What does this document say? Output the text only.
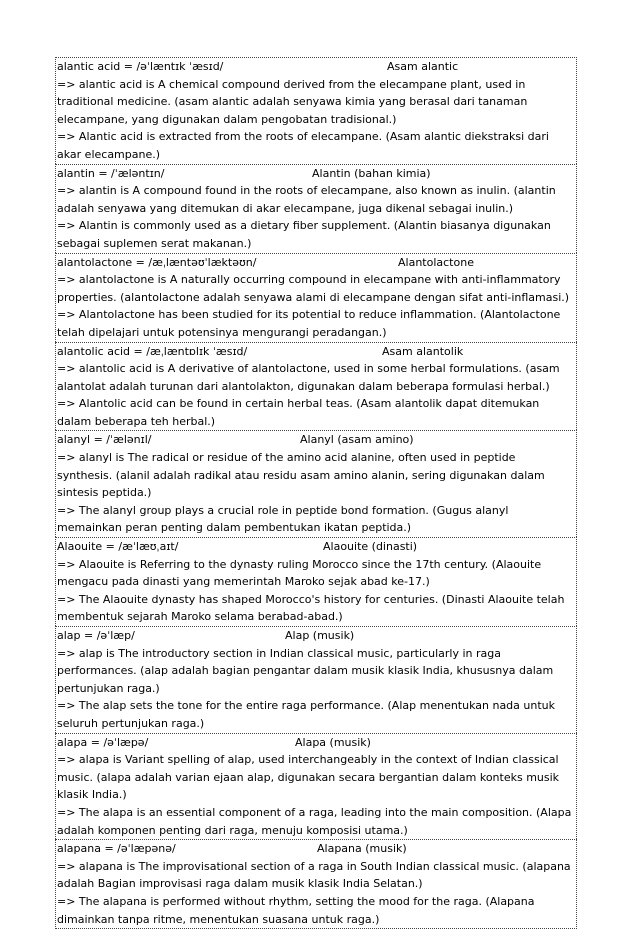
alantic acid = /əˈlæntɪk ˈæsɪd/	Asam alantic

=> alantic acid is A chemical compound derived from the elecampane plant, used in traditional medicine. (asam alantic adalah senyawa kimia yang berasal dari tanaman elecampane, yang digunakan dalam pengobatan tradisional.)

=> Alantic acid is extracted from the roots of elecampane. (Asam alantic diekstraksi dari akar elecampane.)

alantin = /ˈæləntɪn/	Alantin (bahan kimia)

=> alantin is A compound found in the roots of elecampane, also known as inulin. (alantin adalah senyawa yang ditemukan di akar elecampane, juga dikenal sebagai inulin.)

=> Alantin is commonly used as a dietary fiber supplement. (Alantin biasanya digunakan sebagai suplemen serat makanan.)

alantolactone = /æˌlæntəʊˈlæktəʊn/	Alantolactone

=> alantolactone is A naturally occurring compound in elecampane with anti-inflammatory properties. (alantolactone adalah senyawa alami di elecampane dengan sifat anti-inflamasi.)

=> Alantolactone has been studied for its potential to reduce inflammation. (Alantolactone telah dipelajari untuk potensinya mengurangi peradangan.)

alantolic acid = /æˌlæntɒlɪk ˈæsɪd/	Asam alantolik

=> alantolic acid is A derivative of alantolactone, used in some herbal formulations. (asam alantolat adalah turunan dari alantolakton, digunakan dalam beberapa formulasi herbal.)

=> Alantolic acid can be found in certain herbal teas. (Asam alantolik dapat ditemukan dalam beberapa teh herbal.)

alanyl = /ˈælənɪl/	Alanyl (asam amino)

=> alanyl is The radical or residue of the amino acid alanine, often used in peptide synthesis. (alanil adalah radikal atau residu asam amino alanin, sering digunakan dalam sintesis peptida.)

=> The alanyl group plays a crucial role in peptide bond formation. (Gugus alanyl memainkan peran penting dalam pembentukan ikatan peptida.)

Alaouite = /æˈlæʊˌaɪt/	Alaouite (dinasti)

=> Alaouite is Referring to the dynasty ruling Morocco since the 17th century. (Alaouite mengacu pada dinasti yang memerintah Maroko sejak abad ke-17.)

=> The Alaouite dynasty has shaped Morocco's history for centuries. (Dinasti Alaouite telah membentuk sejarah Maroko selama berabad-abad.)

alap = /əˈlæp/	Alap (musik)

=> alap is The introductory section in Indian classical music, particularly in raga performances. (alap adalah bagian pengantar dalam musik klasik India, khususnya dalam pertunjukan raga.)

=> The alap sets the tone for the entire raga performance. (Alap menentukan nada untuk seluruh pertunjukan raga.)

alapa = /əˈlæpə/	Alapa (musik)

=> alapa is Variant spelling of alap, used interchangeably in the context of Indian classical music. (alapa adalah varian ejaan alap, digunakan secara bergantian dalam konteks musik klasik India.)

=> The alapa is an essential component of a raga, leading into the main composition. (Alapa adalah komponen penting dari raga, menuju komposisi utama.)

alapana = /əˈlæpənə/	Alapana (musik)

=> alapana is The improvisational section of a raga in South Indian classical music. (alapana adalah Bagian improvisasi raga dalam musik klasik India Selatan.)

=> The alapana is performed without rhythm, setting the mood for the raga. (Alapana dimainkan tanpa ritme, menentukan suasana untuk raga.)
